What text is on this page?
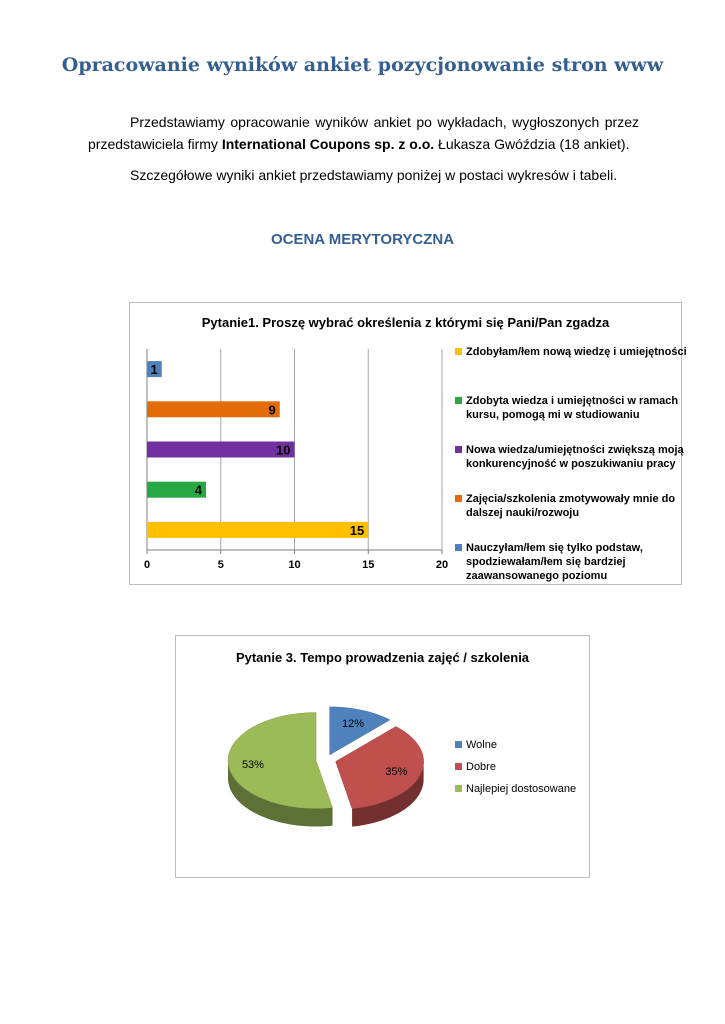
Opracowanie wyników ankiet pozycjonowanie stron www
Przedstawiamy opracowanie wyników ankiet po wykładach, wygłoszonych przez
przedstawiciela firmy International Coupons sp. z o.o. Łukasza Gwóździa (18 ankiet).
Szczegółowe wyniki ankiet przedstawiamy poniżej w postaci wykresów i tabeli.
OCENA MERYTORYCZNA
Pytanie1. Proszę wybrać określenia z którymi się Pani/Pan zgadza
0	5	10	15	20
1
9
10
4
15
Zdobyłam/łem nową wiedzę i umiejętności
Zdobyta wiedza i umiejętności w ramach kursu, pomogą mi w studiowaniu
Nowa wiedza/umiejętności zwiększą moją konkurencyjność w poszukiwaniu pracy
Zajęcia/szkolenia zmotywowały mnie do dalszej nauki/rozwoju
Nauczyłam/łem się tylko podstaw, spodziewałam/łem się bardziej zaawansowanego poziomu
Pytanie 3. Tempo prowadzenia zajęć / szkolenia
12%
35%
53%
Wolne
Dobre
Najlepiej dostosowane
